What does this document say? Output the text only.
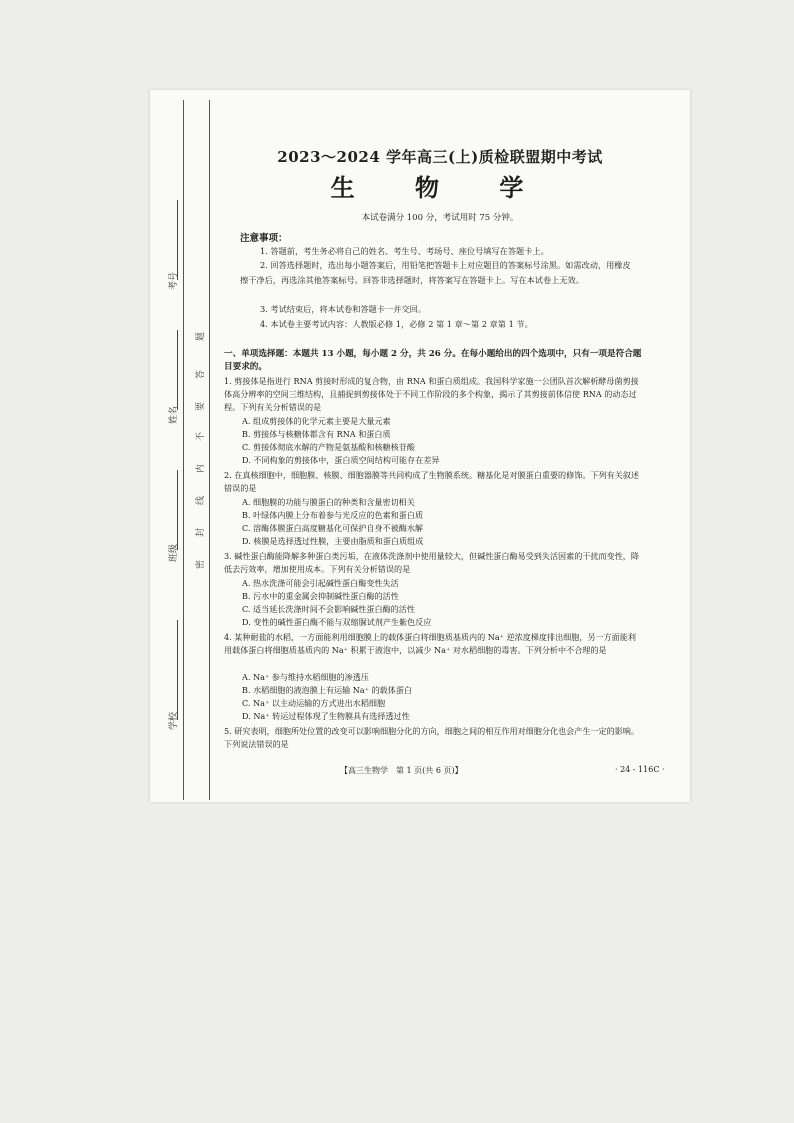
考号
姓名
班级
学校
题
答
要
不
内
线
封
密
2023～2024 学年高三(上)质检联盟期中考试
生 物 学
本试卷满分 100 分，考试用时 75 分钟。
注意事项：
1. 答题前，考生务必将自己的姓名、考生号、考场号、座位号填写在答题卡上。
2. 回答选择题时，选出每小题答案后，用铅笔把答题卡上对应题目的答案标号涂黑。如需改动，用橡皮擦干净后，再选涂其他答案标号。回答非选择题时，将答案写在答题卡上。写在本试卷上无效。
3. 考试结束后，将本试卷和答题卡一并交回。
4. 本试卷主要考试内容：人教版必修 1，必修 2 第 1 章～第 2 章第 1 节。
一、单项选择题：本题共 13 小题，每小题 2 分，共 26 分。在每小题给出的四个选项中，只有一项是符合题目要求的。
1. 剪接体是指进行 RNA 剪接时形成的复合物，由 RNA 和蛋白质组成。我国科学家施一公团队首次解析酵母菌剪接体高分辨率的空间三维结构，且捕捉到剪接体处于不同工作阶段的多个构象，揭示了其剪接前体信使 RNA 的动态过程。下列有关分析错误的是
A. 组成剪接体的化学元素主要是大量元素
B. 剪接体与核糖体都含有 RNA 和蛋白质
C. 剪接体彻底水解的产物是氨基酸和核糖核苷酸
D. 不同构象的剪接体中，蛋白质空间结构可能存在差异
2. 在真核细胞中，细胞膜、核膜、细胞器膜等共同构成了生物膜系统。糖基化是对膜蛋白重要的修饰。下列有关叙述错误的是
A. 细胞膜的功能与膜蛋白的种类和含量密切相关
B. 叶绿体内膜上分布着参与光反应的色素和蛋白质
C. 溶酶体膜蛋白高度糖基化可保护自身不被酶水解
D. 核膜是选择透过性膜，主要由脂质和蛋白质组成
3. 碱性蛋白酶能降解多种蛋白类污垢，在液体洗涤剂中使用量较大，但碱性蛋白酶易受到失活因素的干扰而变性，降低去污效率，增加使用成本。下列有关分析错误的是
A. 热水洗涤可能会引起碱性蛋白酶变性失活
B. 污水中的重金属会抑制碱性蛋白酶的活性
C. 适当延长洗涤时间不会影响碱性蛋白酶的活性
D. 变性的碱性蛋白酶不能与双缩脲试剂产生紫色反应
4. 某种耐盐的水稻，一方面能利用细胞膜上的载体蛋白将细胞质基质内的 Na⁺ 逆浓度梯度排出细胞，另一方面能利用载体蛋白将细胞质基质内的 Na⁺ 积累于液泡中，以减少 Na⁺ 对水稻细胞的毒害。下列分析中不合理的是
A. Na⁺ 参与维持水稻细胞的渗透压
B. 水稻细胞的液泡膜上有运输 Na⁺ 的载体蛋白
C. Na⁺ 以主动运输的方式进出水稻细胞
D. Na⁺ 转运过程体现了生物膜具有选择透过性
5. 研究表明，细胞所处位置的改变可以影响细胞分化的方向，细胞之间的相互作用对细胞分化也会产生一定的影响。下列说法错误的是
【高三生物学　第 1 页(共 6 页)】	· 24 - 116C ·
